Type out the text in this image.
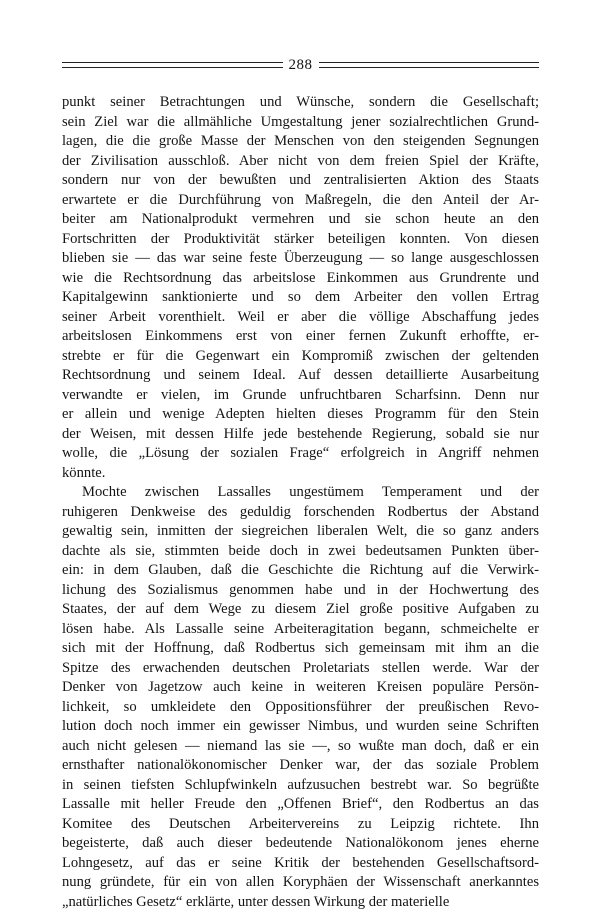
288
punkt seiner Betrachtungen und Wünsche, sondern die Gesellschaft;
sein Ziel war die allmähliche Umgestaltung jener sozialrechtlichen Grund-
lagen, die die große Masse der Menschen von den steigenden Segnungen
der Zivilisation ausschloß. Aber nicht von dem freien Spiel der Kräfte,
sondern nur von der bewußten und zentralisierten Aktion des Staats
erwartete er die Durchführung von Maßregeln, die den Anteil der Ar-
beiter am Nationalprodukt vermehren und sie schon heute an den
Fortschritten der Produktivität stärker beteiligen konnten. Von diesen
blieben sie — das war seine feste Überzeugung — so lange ausgeschlossen
wie die Rechtsordnung das arbeitslose Einkommen aus Grundrente und
Kapitalgewinn sanktionierte und so dem Arbeiter den vollen Ertrag
seiner Arbeit vorenthielt. Weil er aber die völlige Abschaffung jedes
arbeitslosen Einkommens erst von einer fernen Zukunft erhoffte, er-
strebte er für die Gegenwart ein Kompromiß zwischen der geltenden
Rechtsordnung und seinem Ideal. Auf dessen detaillierte Ausarbeitung
verwandte er vielen, im Grunde unfruchtbaren Scharfsinn. Denn nur
er allein und wenige Adepten hielten dieses Programm für den Stein
der Weisen, mit dessen Hilfe jede bestehende Regierung, sobald sie nur
wolle, die „Lösung der sozialen Frage“ erfolgreich in Angriff nehmen
könnte.
Mochte zwischen Lassalles ungestümem Temperament und der
ruhigeren Denkweise des geduldig forschenden Rodbertus der Abstand
gewaltig sein, inmitten der siegreichen liberalen Welt, die so ganz anders
dachte als sie, stimmten beide doch in zwei bedeutsamen Punkten über-
ein: in dem Glauben, daß die Geschichte die Richtung auf die Verwirk-
lichung des Sozialismus genommen habe und in der Hochwertung des
Staates, der auf dem Wege zu diesem Ziel große positive Aufgaben zu
lösen habe. Als Lassalle seine Arbeiteragitation begann, schmeichelte er
sich mit der Hoffnung, daß Rodbertus sich gemeinsam mit ihm an die
Spitze des erwachenden deutschen Proletariats stellen werde. War der
Denker von Jagetzow auch keine in weiteren Kreisen populäre Persön-
lichkeit, so umkleidete den Oppositionsführer der preußischen Revo-
lution doch noch immer ein gewisser Nimbus, und wurden seine Schriften
auch nicht gelesen — niemand las sie —, so wußte man doch, daß er ein
ernsthafter nationalökonomischer Denker war, der das soziale Problem
in seinen tiefsten Schlupfwinkeln aufzusuchen bestrebt war. So begrüßte
Lassalle mit heller Freude den „Offenen Brief“, den Rodbertus an das
Komitee des Deutschen Arbeitervereins zu Leipzig richtete. Ihn
begeisterte, daß auch dieser bedeutende Nationalökonom jenes eherne
Lohngesetz, auf das er seine Kritik der bestehenden Gesellschaftsord-
nung gründete, für ein von allen Koryphäen der Wissenschaft anerkanntes
„natürliches Gesetz“ erklärte, unter dessen Wirkung der materielle
